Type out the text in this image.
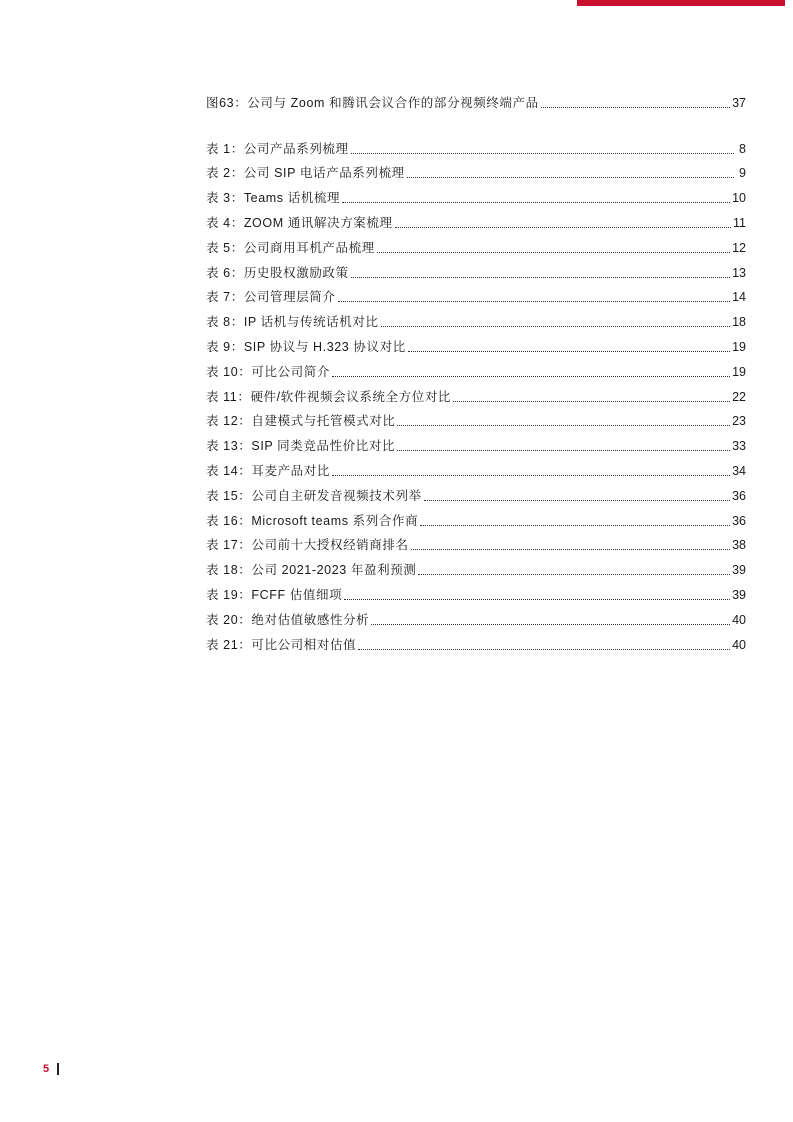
图63：公司与 Zoom 和腾讯会议合作的部分视频终端产品	37
表 1：公司产品系列梳理	8
表 2：公司 SIP 电话产品系列梳理	9
表 3：Teams 话机梳理	10
表 4：ZOOM 通讯解决方案梳理	11
表 5：公司商用耳机产品梳理	12
表 6：历史股权激励政策	13
表 7：公司管理层简介	14
表 8：IP 话机与传统话机对比	18
表 9：SIP 协议与 H.323 协议对比	19
表 10：可比公司简介	19
表 11：硬件/软件视频会议系统全方位对比	22
表 12：自建模式与托管模式对比	23
表 13：SIP 同类竞品性价比对比	33
表 14：耳麦产品对比	34
表 15：公司自主研发音视频技术列举	36
表 16：Microsoft teams 系列合作商	36
表 17：公司前十大授权经销商排名	38
表 18：公司 2021-2023 年盈利预测	39
表 19：FCFF 估值细项	39
表 20：绝对估值敏感性分析	40
表 21：可比公司相对估值	40
5
